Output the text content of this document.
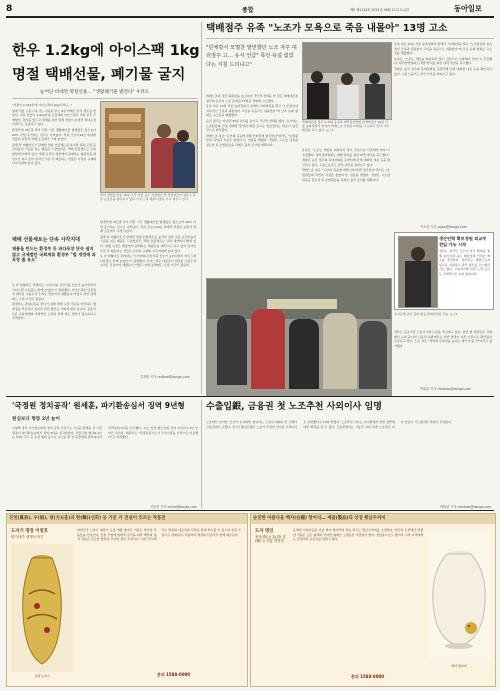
8	종합	제0 제1124호 2021년 09월 11일 토요일	동아일보
한우 1.2kg에 아이스팩 1kg
명절 택배선물, 폐기물 굴지
늘어난 비대면 명절선물… "생활폐기물 발전다" 우려도

"선물이 1.2kg인데 아이스팩이 1kg이라니…"

현재 서울 도봉구에 사는 이용된 부는 9일 택배로 한우 세트를 받았다. 가을 선물이 1.2kg인데 포장재와 아이스팩이 거의 같은 무게였다. 추석을 앞두고 택배를 통한 명절 선물이 늘면서 과대포장 쓰레기도 급증하고 있다.

환경부에 따르면 추석 연휴 기간 생활폐기물 발생량은 평소보다 20% 이상 증가하는 것으로 나타났다. 특히 코로나19로 비대면 선물이 늘면서 택배 포장재가 크게 늘었다.

올해 한 대형마트가 판매한 명절 선물세트를 분석한 결과 포장 공간비율이 기준을 넘는 제품은 드물었지만, 택배 선물세트는 단속 대상에서 빠져 있다. 현행 규정은 매장에서 판매하는 제품만을 대상으로 하고 있어 온라인 주문 후 배송되는 선물은 사실상 규제의 사각지대에 놓여 있다.

추석 연휴를 앞둔 10일 오후 서울 중구 시장에서 한 작업자들이 냉장고 전달 포장용을 정리하고 있다. 아이스팩 제품이 줄을 가득 채우고 있다.
택배 선물세트는 단속 사각지대
제품을 만드는 환경부 등 과다포장 단속 쉽지 않고 규제법안 국회계류 환경부 "법 개정에 과포장 줄 유도"

또 한 대형마트 관계자는 "소비자의 신선식품 선호가 높아지면서 아이스팩 사용량도 함께 늘었다"고 설명했다. 아이스팩은 내용물이 대부분 고흡수성 수지로 만들어져 재활용이 어렵고 자연 분해에도 오랜 시간이 걸린다.

환경부는 과대포장을 줄이기 위해 택배 포장 기준을 마련하는 법 개정을 추진하고 있지만 관련 법안은 국회에 계류 중이다. 전문가들은 유통업계의 자발적인 노력과 함께 제도 정비가 필요하다고 지적한다.

환경부에 따르면 추석 연휴 기간 생활폐기물 발생량은 평소보다 20% 이상 증가하는 것으로 나타났다. 특히 코로나19로 비대면 선물이 늘면서 택배 포장재가 크게 늘었다.

올해 한 대형마트가 판매한 명절 선물세트를 분석한 결과 포장 공간비율이 기준을 넘는 제품은 드물었지만, 택배 선물세트는 단속 대상에서 빠져 있다. 현행 규정은 매장에서 판매하는 제품만을 대상으로 하고 있어 온라인 주문 후 배송되는 선물은 사실상 규제의 사각지대에 놓여 있다.

또 한 대형마트 관계자는 "소비자의 신선식품 선호가 높아지면서 아이스팩 사용량도 함께 늘었다"고 설명했다. 아이스팩은 내용물이 대부분 고흡수성 수지로 만들어져 재활용이 어렵고 자연 분해에도 오랜 시간이 걸린다.

김재영 기자 redfoot@donga.com
택배점주 유족 "노조가 모욕으로 죽음 내몰아" 13명 고소
"단체방서 모멸찬 발언했던 노조 자주 대리점주 고… 유서 언급" 폭언·욕설 없었다는 지침 드리냐고"

택배노조의 집단 괴롭힘을 호소하며 극단적 선택을 한 김포 택배대리점 점주의 유족이 노조 조합원 13명을 경찰에 고소했다.

유족 측은 10일 서울 송파경찰서 앞에서 기자회견을 열고 "노조원들의 지속적인 모욕과 괴롭힘이 고인을 죽음으로 내몰았다"며 모욕 등의 혐의로 고소장을 제출했다.

숨진 점주는 지난달 30일 유서를 남기고 극단적 선택을 했다. 유서에는 노조원들의 단체 대화방 발언과 태업 등으로 힘들었다는 내용이 담긴 것으로 알려졌다.

택배노조 측은 "고인의 죽음에 대해 안타깝게 생각한다"면서도 "조합원들의 폭언과 욕설은 없었다"는 입장을 밝혔다. 경찰은 고소장 내용을 검토한 뒤 조합원들을 차례로 불러 조사할 계획이다.

택배대리점 점주 A 씨의 유족과 대리점연합회 관계자들이 10일 서울 송파경찰서 앞에서 택배노조 조합원 13명을 고소하기 앞서 기자회견을 하고 있다. 뉴스1

유족은 "노조는 책임을 회피하지 말고 진심으로 사과해야 한다"고 주장했다. 대리점연합회도 재발 방지를 위한 대책 마련을 촉구했다.

경찰은 숨진 점주의 휴대전화를 포렌식해 단체 대화방 내용 등을 확인하고 있다. 고용노동부도 관련 사안을 살펴보고 있다.

택배노조 측은 "고인의 죽음에 대해 안타깝게 생각한다"면서도 "조합원들의 폭언과 욕설은 없었다"는 입장을 밝혔다. 경찰은 고소장 내용을 검토한 뒤 조합원들을 차례로 불러 조사할 계획이다.

유족 측은 10일 서울 송파경찰서 앞에서 기자회견을 열고 "노조원들의 지속적인 모욕과 괴롭힘이 고인을 죽음으로 내몰았다"며 모욕 등의 혐의로 고소장을 제출했다.

유족은 "노조는 책임을 회피하지 말고 진심으로 사과해야 한다"고 주장했다. 대리점연합회도 재발 방지를 위한 대책 마련을 촉구했다.

경찰은 숨진 점주의 휴대전화를 포렌식해 단체 대화방 내용 등을 확인하고 있다. 고용노동부도 관련 사안을 살펴보고 있다.

이소정 기자 sojee@donga.com
생산인력 확보정원 외교부 전입 가능 시작
정부는 외국인 근로자 입국 확대를 통해 농어촌과 중소 제조업체 인력난 해소를 추진한다. 법무부는 계절근로자 입국을 지원하고 관련 절차를 간소화하기로 했다. 고용허가제 인력 도입 규모도 단계적으로 늘릴 방침이다.
수사진행 중인 집회 현장 관계자들의 모습. 뉴스1
정부는 공공기관 노동이사제 도입을 추진하고 있다. 관련 법 개정안은 국회에서 논의 중이며 금융권 안팎에서는 이번 임명이 다른 기관으로 확산될지 주목하고 있다. 노조 측은 "경영의 투명성을 높이는 계기가 될 것"이라고 평가했다.
박희창 기자 ramblas@donga.com
'국정원 정치공작' 원세훈, 파기환송심서 징역 9년형
원심보다 형량 2년 늘어
이명박 정부 국가정보원의 정치 공작 사건으로 기소된 원세훈 전 국정원장이 파기환송심에서 징역 9년을 선고받았다. 서울고법 형사6-1부는 10일 국고 등 손실 혐의 등으로 기소된 원 전 원장에게 징역 9년과 자격정지 5년을 선고했다. 이는 앞선 항소심의 징역 7년보다 2년 늘어난 것이다. 재판부는 "국정원장으로서 국가기관을 사적으로 이용했다"고 지적했다.
신동진 기자 shine@donga.com
수출입銀, 금융권 첫 노조추천 사외이사 임명
노조에서 천거한 인사가 이사회에 참여하는 노동이사제의 첫 사례가 금융권에서 나왔다. 한국수출입은행은 노조가 추천한 인사를 사외이사로 임명했다고 10일 밝혔다. 노조추천 이사는 이사회에서 경영 전반에 대한 의견을 낼 수 있다. 금융권에서는 그동안 여러 차례 노조추천 이사 선임이 시도됐지만 번번이 무산됐다.
박희창 기자 ramblas@donga.com
진천(眞泉), 우(雨), 방(方)(훈)과 한(韓)(선화) 등 가문 가 전설이 흐르는 작품전
도자기 명장 이영호
명가대가 생명도자기
금채 도자기
대한민국 도자기 명장이 오랜 세월 쌓아온 기술로 빚어낸 작품들을 선보인다. 전통 기법에 현대적 감각을 더한 백자와 청자 작품은 은은한 빛깔과 우아한 선이 특징이다. 이번 전시에서는 명장의 대표작과 신작을 함께 만나볼 수 있으며 한정 수량으로 판매된다. 작품마다 명장의 인증서가 함께 제공된다.
문의 1588-0000
순진한 아름다움 백자(白磁) 항아리… 제품(製品)의 상징 황금두꺼비
도자 명인
청산(靑山) 홍(洪) 한(韓) 등 전통 명장전
순백의 아름다움을 지닌 백자 항아리와 복을 부르는 황금두꺼비를 소개한다. 장인의 손끝에서 탄생한 작품은 깊은 광택과 단아한 형태로 오랫동안 사랑받아 왔다. 선물용으로도 좋으며 구매 고객에게는 감정서와 보증서를 함께 드린다.
백자 항아리
문의 1588-0000
